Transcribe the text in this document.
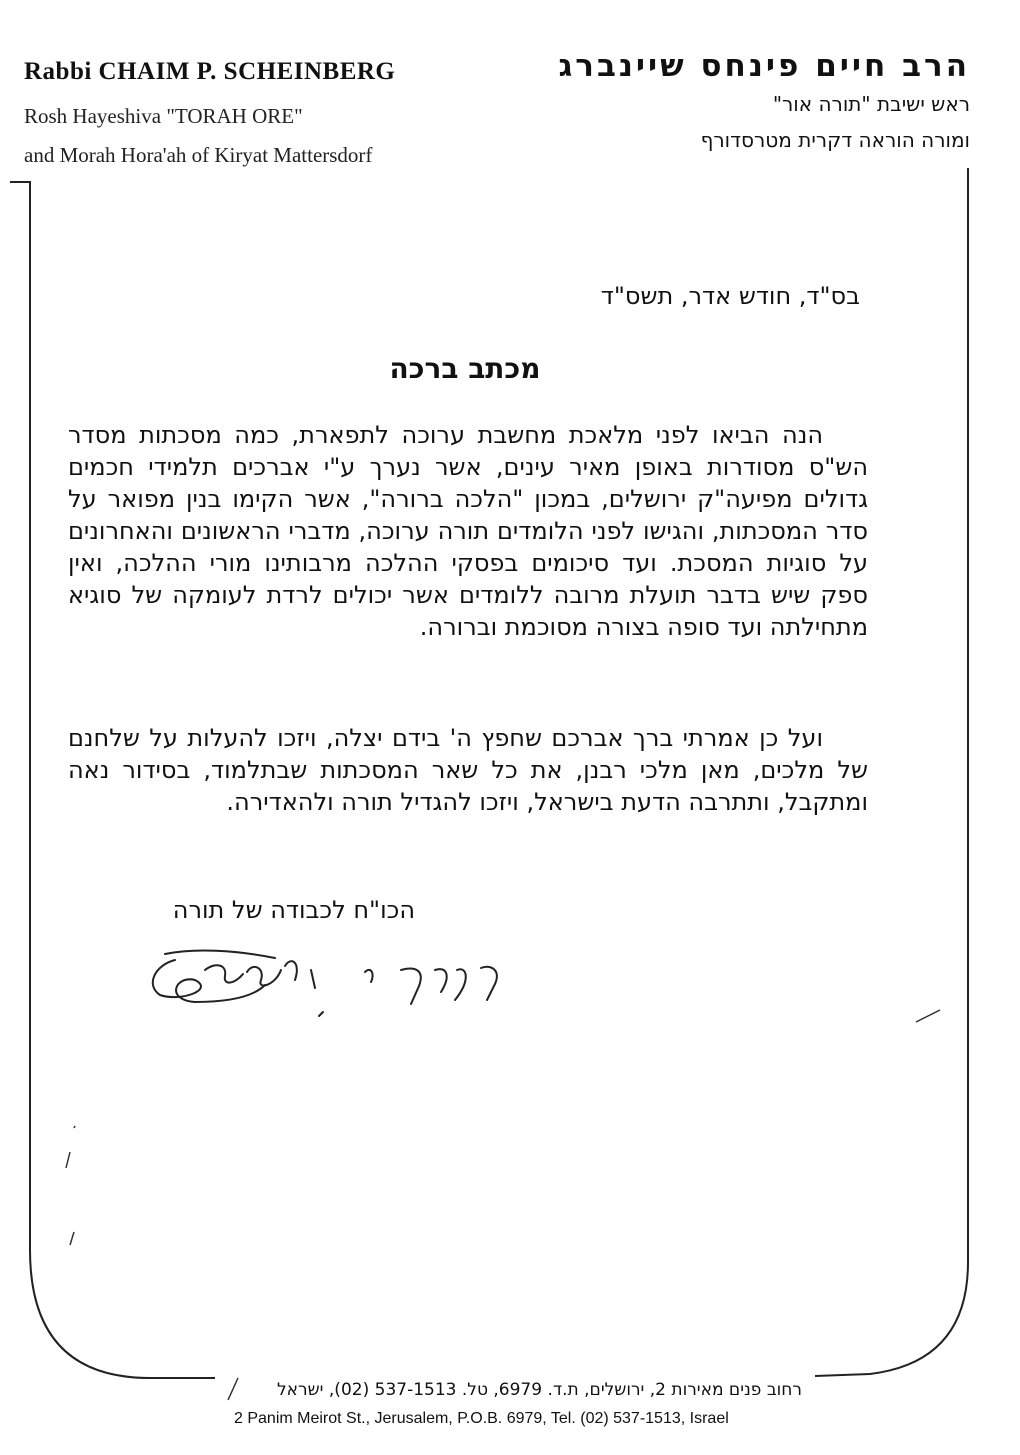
Rabbi CHAIM P. SCHEINBERG
Rosh Hayeshiva "TORAH ORE"
and Morah Hora'ah of Kiryat Mattersdorf
הרב חיים פינחס שיינברג
ראש ישיבת "תורה אור"
ומורה הוראה דקרית מטרסדורף
בס"ד, חודש אדר, תשס"ד
מכתב ברכה

הנה הביאו לפני מלאכת מחשבת ערוכה לתפארת, כמה מסכתות מסדר הש"ס מסודרות באופן מאיר עינים, אשר נערך ע"י אברכים תלמידי חכמים גדולים מפיעה"ק ירושלים, במכון "הלכה ברורה", אשר הקימו בנין מפואר על סדר המסכתות, והגישו לפני הלומדים תורה ערוכה, מדברי הראשונים והאחרונים על סוגיות המסכת. ועד סיכומים בפסקי ההלכה מרבותינו מורי ההלכה, ואין ספק שיש בדבר תועלת מרובה ללומדים אשר יכולים לרדת לעומקה של סוגיא מתחילתה ועד סופה בצורה מסוכמת וברורה.

ועל כן אמרתי ברך אברכם שחפץ ה' בידם יצלה, ויזכו להעלות על שלחנם של מלכים, מאן מלכי רבנן, את כל שאר המסכתות שבתלמוד, בסידור נאה ומתקבל, ותתרבה הדעת בישראל, ויזכו להגדיל תורה ולהאדירה.

הכו"ח לכבודה של תורה
רחוב פנים מאירות 2, ירושלים, ת.ד. 6979, טל. 537-1513 (02), ישראל
2 Panim Meirot St., Jerusalem, P.O.B. 6979, Tel. (02) 537-1513, Israel
